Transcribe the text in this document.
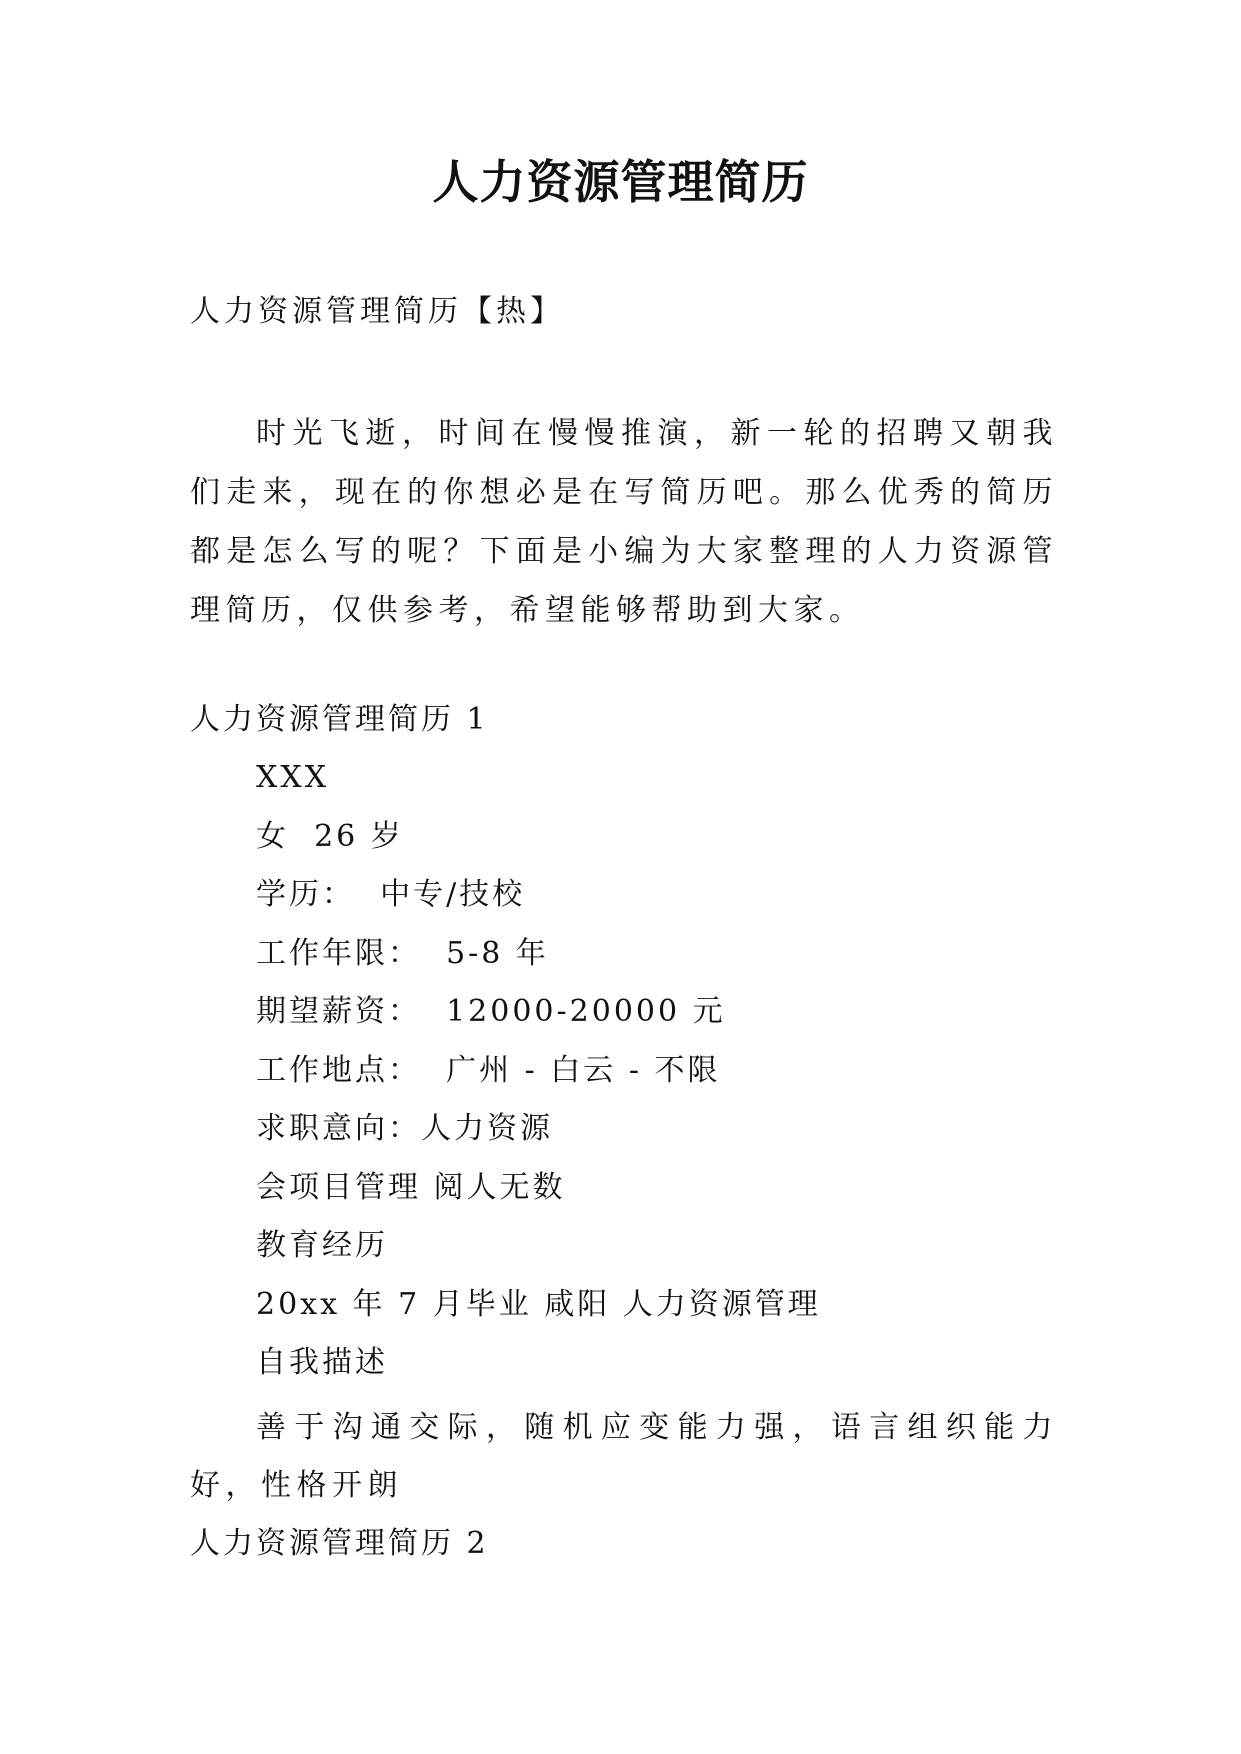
人力资源管理简历
人力资源管理简历【热】
时光飞逝，时间在慢慢推演，新一轮的招聘又朝我们走来，现在的你想必是在写简历吧。那么优秀的简历都是怎么写的呢？下面是小编为大家整理的人力资源管理简历，仅供参考，希望能够帮助到大家。
人力资源管理简历 1
XXX
女  26 岁
学历：  中专/技校
工作年限：  5-8 年
期望薪资：  12000-20000 元
工作地点：  广州 - 白云 - 不限
求职意向：人力资源
会项目管理 阅人无数
教育经历
20xx 年 7 月毕业 咸阳 人力资源管理
自我描述
善于沟通交际，随机应变能力强，语言组织能力好，性格开朗
人力资源管理简历 2
